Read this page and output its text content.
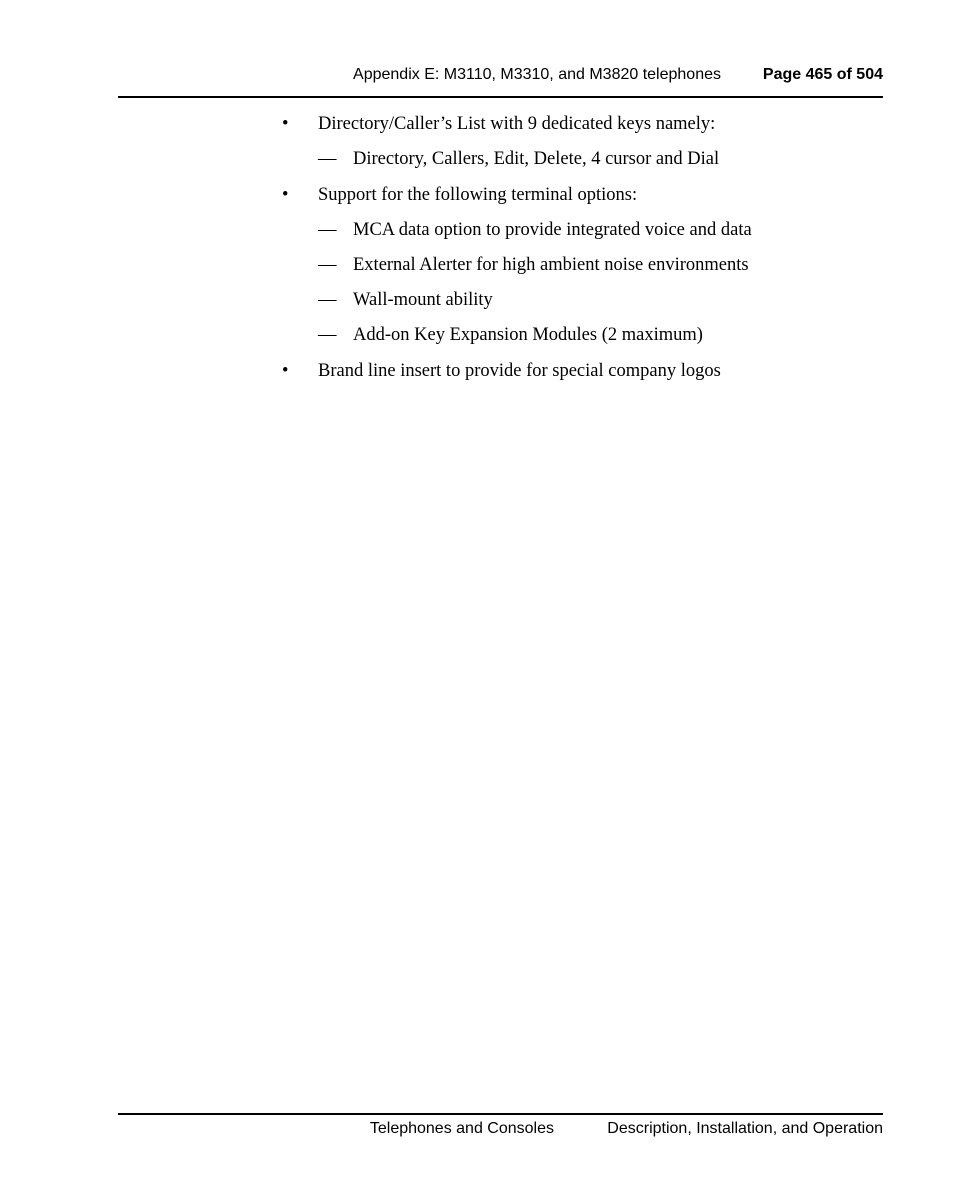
Appendix E: M3110, M3310, and M3820 telephones	Page 465 of 504
• Directory/Caller’s List with 9 dedicated keys namely:
— Directory, Callers, Edit, Delete, 4 cursor and Dial
• Support for the following terminal options:
— MCA data option to provide integrated voice and data
— External Alerter for high ambient noise environments
— Wall-mount ability
— Add-on Key Expansion Modules (2 maximum)
• Brand line insert to provide for special company logos
Telephones and Consoles	Description, Installation, and Operation
